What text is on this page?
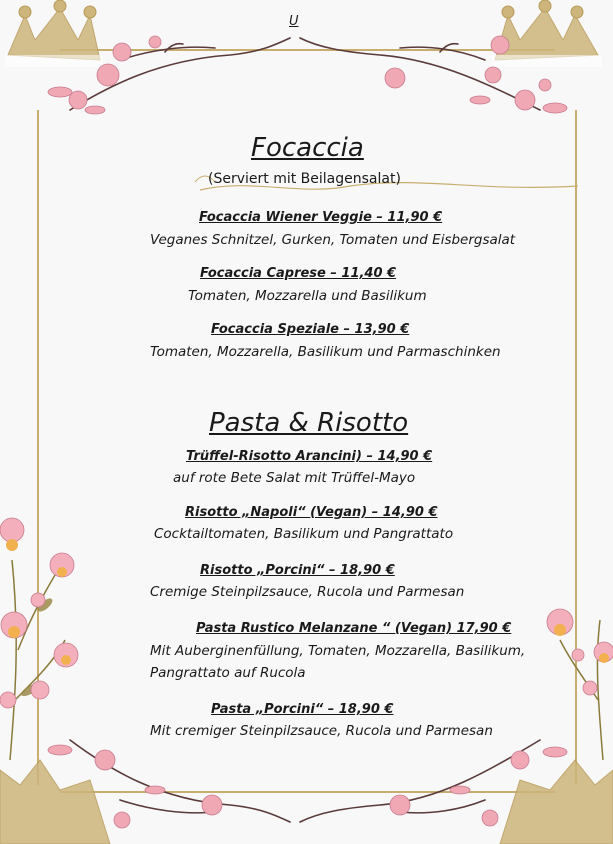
U
Focaccia
(Serviert mit Beilagensalat)
Focaccia Wiener Veggie – 11,90 €
Veganes Schnitzel, Gurken, Tomaten und Eisbergsalat
Focaccia Caprese – 11,40 €
Tomaten, Mozzarella und Basilikum
Focaccia Speziale – 13,90 €
Tomaten, Mozzarella, Basilikum und Parmaschinken
Pasta & Risotto
Trüffel-Risotto Arancini) – 14,90 €
auf rote Bete Salat mit Trüffel-Mayo
Risotto „Napoli“ (Vegan) – 14,90 €
Cocktailtomaten, Basilikum und Pangrattato
Risotto „Porcini“ – 18,90 €
Cremige Steinpilzsauce, Rucola und Parmesan
Pasta Rustico Melanzane “ (Vegan) 17,90 €
Mit Auberginenfüllung, Tomaten, Mozzarella, Basilikum,
Pangrattato auf Rucola
Pasta „Porcini“ – 18,90 €
Mit cremiger Steinpilzsauce, Rucola und Parmesan
